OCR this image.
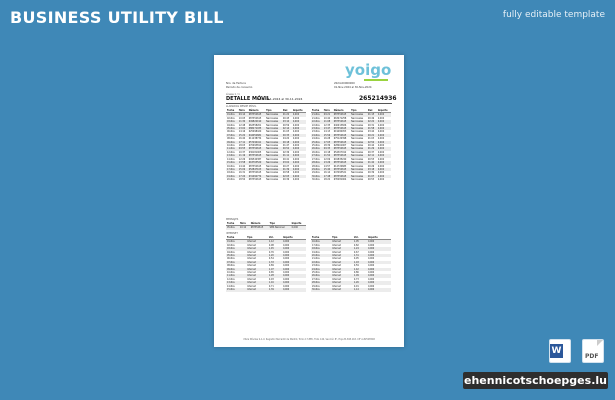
BUSINESS UTILITY BILL	fully editable template
yoigo
Nro. de Factura
Periodo de consumo
2024-00000000
01-Nov-2024 al 30-Nov-2024
Líneas 1 / 1
DETALLE MÓVIL
Del 01-11-2024 al 30-11-2024	265214936
LLAMADAS DESDE MÓVIL
Fecha	Hora	Número	Tipo	Dur.	Importe
01-Nov	09:14	687352615	Nacionales	01:22	0,000
02-Nov	10:05	687352615	Nacionales	00:45	0,000
03-Nov	11:30	649822190	Nacionales	03:10	0,000
04-Nov	12:48	662558201	Nacionales	00:59	0,000
05-Nov	13:02	688271935	Nacionales	02:14	0,000
06-Nov	14:16	625998420	Nacionales	01:05	0,000
07-Nov	15:22	644052681	Nacionales	00:33	0,000
08-Nov	16:40	611238734	Nacionales	04:20	0,000
09-Nov	17:11	657290411	Nacionales	00:18	0,000
10-Nov	18:03	670993812	Nacionales	01:47	0,000
11-Nov	09:55	687352615	Nacionales	00:52	0,000
12-Nov	10:37	636181905	Nacionales	02:36	0,000
13-Nov	11:19	687352615	Nacionales	01:11	0,000
14-Nov	12:26	699540387	Nacionales	00:41	0,000
15-Nov	13:58	618763520	Nacionales	03:02	0,000
16-Nov	14:44	687352615	Nacionales	00:27	0,000
17-Nov	15:09	652847103	Nacionales	01:39	0,000
18-Nov	16:31	687352615	Nacionales	00:58	0,000
19-Nov	17:24	631092774	Nacionales	02:05	0,000
20-Nov	18:50	687352615	Nacionales	00:36	0,000
Fecha	Hora	Número	Tipo	Dur.	Importe
21-Nov	09:21	687352615	Nacionales	01:15	0,000
21-Nov	10:42	663471258	Nacionales	00:49	0,000
22-Nov	11:08	687352615	Nacionales	02:22	0,000
22-Nov	12:35	640913826	Nacionales	00:31	0,000
23-Nov	13:47	687352615	Nacionales	01:58	0,000
23-Nov	14:13	619284053	Nacionales	03:44	0,000
24-Nov	15:56	687352615	Nacionales	00:21	0,000
24-Nov	16:28	675120398	Nacionales	01:03	0,000
25-Nov	17:05	687352615	Nacionales	02:50	0,000
25-Nov	18:39	628461907	Nacionales	00:44	0,000
26-Nov	09:33	687352615	Nacionales	01:29	0,000
26-Nov	10:18	654307912	Nacionales	00:37	0,000
27-Nov	11:52	687352615	Nacionales	02:11	0,000
27-Nov	12:09	691835240	Nacionales	00:55	0,000
28-Nov	13:26	687352615	Nacionales	01:42	0,000
28-Nov	14:57	614720683	Nacionales	00:26	0,000
29-Nov	15:40	687352615	Nacionales	03:18	0,000
29-Nov	16:14	647093521	Nacionales	00:39	0,000
30-Nov	17:48	687352615	Nacionales	01:07	0,000
30-Nov	18:22	635281904	Nacionales	00:53	0,000
MENSAJES
Fecha	Hora	Número	Tipo	Importe
05-Nov	10:12	687352615	SMS Nacional	0,000
INTERNET
Fecha	Tipo	Vol.	Importe
01-Nov	Internet	1,12	0,000
02-Nov	Internet	0,98	0,000
03-Nov	Internet	1,45	0,000
04-Nov	Internet	0,76	0,000
05-Nov	Internet	1,20	0,000
06-Nov	Internet	0,54	0,000
07-Nov	Internet	1,33	0,000
08-Nov	Internet	0,89	0,000
09-Nov	Internet	1,07	0,000
10-Nov	Internet	0,65	0,000
11-Nov	Internet	1,28	0,000
12-Nov	Internet	0,93	0,000
13-Nov	Internet	1,16	0,000
14-Nov	Internet	0,71	0,000
15-Nov	Internet	1,39	0,000
Fecha	Tipo	Vol.	Importe
16-Nov	Internet	1,05	0,000
17-Nov	Internet	0,82	0,000
18-Nov	Internet	1,24	0,000
19-Nov	Internet	0,67	0,000
20-Nov	Internet	1,31	0,000
21-Nov	Internet	0,95	0,000
22-Nov	Internet	1,18	0,000
23-Nov	Internet	0,59	0,000
24-Nov	Internet	1,42	0,000
25-Nov	Internet	0,86	0,000
26-Nov	Internet	1,09	0,000
27-Nov	Internet	0,73	0,000
28-Nov	Internet	1,26	0,000
29-Nov	Internet	0,91	0,000
30-Nov	Internet	1,14	0,000
Xfera Móviles S.A.U. Registro Mercantil de Madrid, Tomo 17.885, Folio 140, Sección 8ª, Hoja M-308.118. CIF A-82528548
W
PDF
ehennicotschoepges.lu
